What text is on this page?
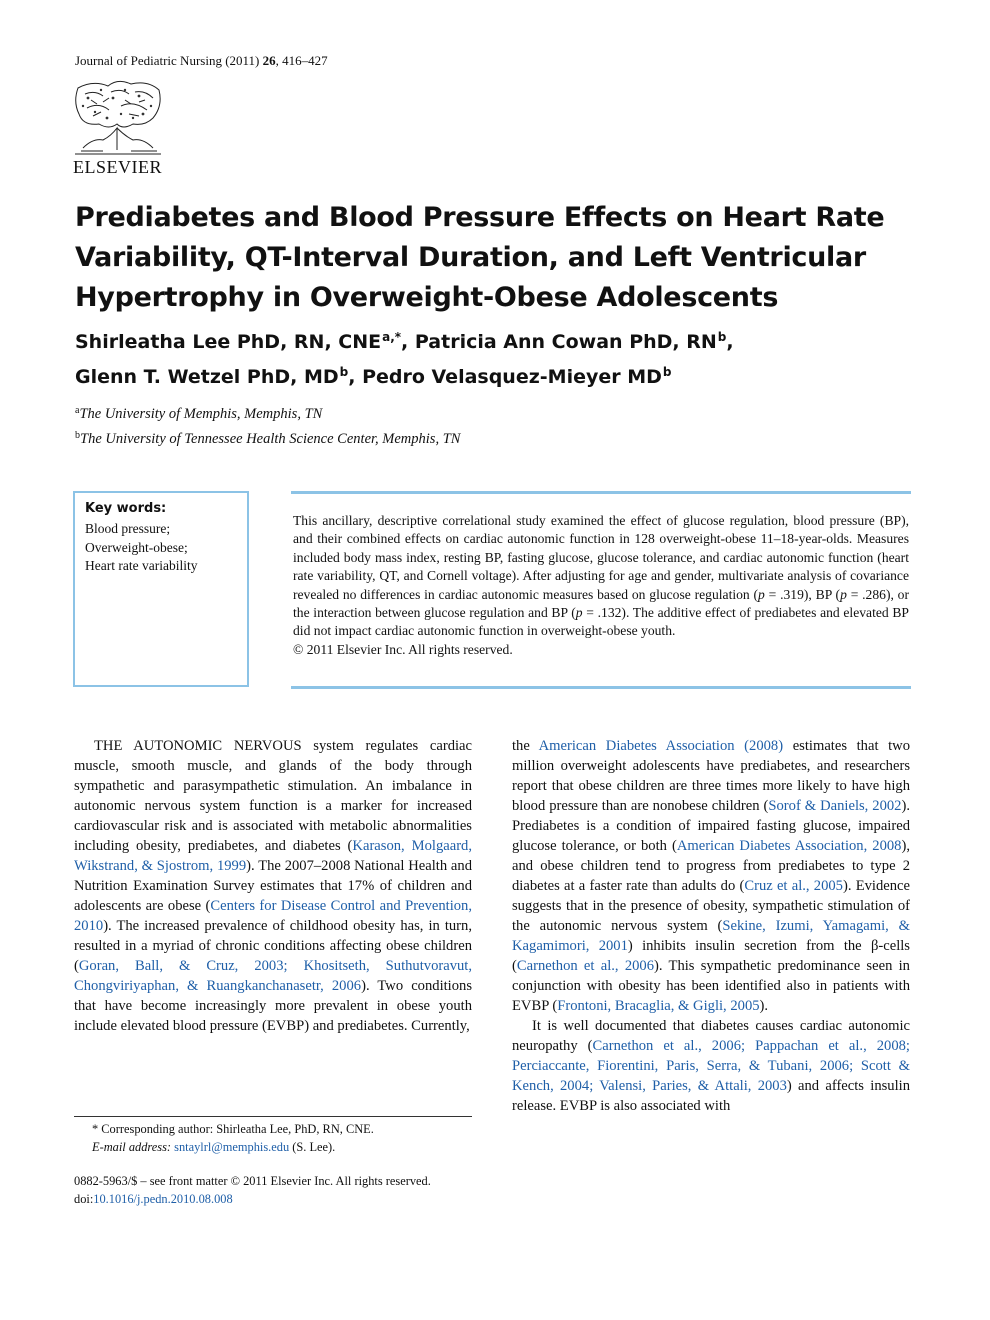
Journal of Pediatric Nursing (2011) 26, 416–427
ELSEVIER
Prediabetes and Blood Pressure Effects on Heart Rate Variability, QT-Interval Duration, and Left Ventricular Hypertrophy in Overweight-Obese Adolescents
Shirleatha Lee PhD, RN, $CNE^{a,*}$, Patricia Ann Cowan PhD, $RN^b$,
Glenn T. Wetzel PhD, $MD^b$, Pedro Velasquez-Mieyer $MD^b$
$^a$The University of Memphis, Memphis, TN
$^b$The University of Tennessee Health Science Center, Memphis, TN
Key words:
Blood pressure;
Overweight-obese;
Heart rate variability
This ancillary, descriptive correlational study examined the effect of glucose regulation, blood pressure (BP), and their combined effects on cardiac autonomic function in 128 overweight-obese 11–18-year-olds. Measures included body mass index, resting BP, fasting glucose, glucose tolerance, and cardiac autonomic function (heart rate variability, QT, and Cornell voltage). After adjusting for age and gender, multivariate analysis of covariance revealed no differences in cardiac autonomic measures based on glucose regulation (p = .319), BP (p = .286), or the interaction between glucose regulation and BP (p = .132). The additive effect of prediabetes and elevated BP did not impact cardiac autonomic function in overweight-obese youth.
© 2011 Elsevier Inc. All rights reserved.

THE AUTONOMIC NERVOUS system regulates cardiac muscle, smooth muscle, and glands of the body through sympathetic and parasympathetic stimulation. An imbalance in autonomic nervous system function is a marker for increased cardiovascular risk and is associated with metabolic abnormalities including obesity, prediabetes, and diabetes (Karason, Molgaard, Wikstrand, & Sjostrom, 1999). The 2007–2008 National Health and Nutrition Examination Survey estimates that 17% of children and adolescents are obese (Centers for Disease Control and Prevention, 2010). The increased prevalence of childhood obesity has, in turn, resulted in a myriad of chronic conditions affecting obese children (Goran, Ball, & Cruz, 2003; Khositseth, Suthutvoravut, Chongviriyaphan, & Ruangkanchanasetr, 2006). Two conditions that have become increasingly more prevalent in obese youth include elevated blood pressure (EVBP) and prediabetes. Currently,

the American Diabetes Association (2008) estimates that two million overweight adolescents have prediabetes, and researchers report that obese children are three times more likely to have high blood pressure than are nonobese children (Sorof & Daniels, 2002). Prediabetes is a condition of impaired fasting glucose, impaired glucose tolerance, or both (American Diabetes Association, 2008), and obese children tend to progress from prediabetes to type 2 diabetes at a faster rate than adults do (Cruz et al., 2005). Evidence suggests that in the presence of obesity, sympathetic stimulation of the autonomic nervous system (Sekine, Izumi, Yamagami, & Kagamimori, 2001) inhibits insulin secretion from the β-cells (Carnethon et al., 2006). This sympathetic predominance seen in conjunction with obesity has been identified also in patients with EVBP (Frontoni, Bracaglia, & Gigli, 2005).

It is well documented that diabetes causes cardiac autonomic neuropathy (Carnethon et al., 2006; Pappachan et al., 2008; Perciaccante, Fiorentini, Paris, Serra, & Tubani, 2006; Scott & Kench, 2004; Valensi, Paries, & Attali, 2003) and affects insulin release. EVBP is also associated with

* Corresponding author: Shirleatha Lee, PhD, RN, CNE.
E-mail address: sntaylrl@memphis.edu (S. Lee).
0882-5963/$ – see front matter © 2011 Elsevier Inc. All rights reserved.
doi:10.1016/j.pedn.2010.08.008
